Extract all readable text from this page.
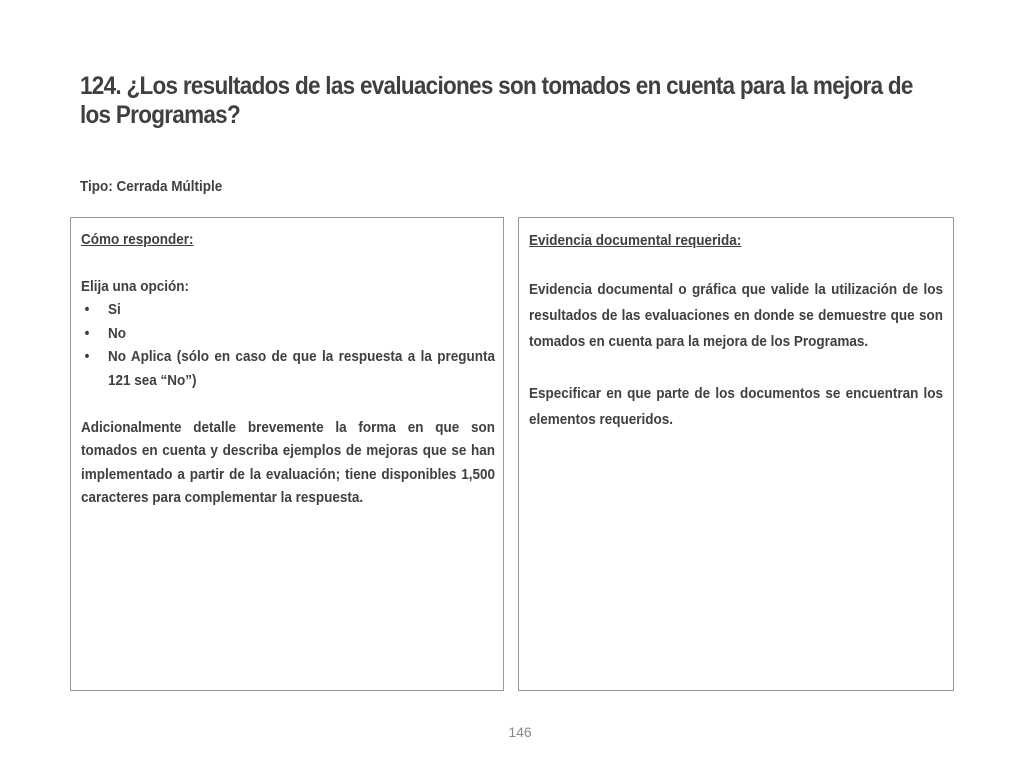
124. ¿Los resultados de las evaluaciones son tomados en cuenta para la mejora de los Programas?
Tipo: Cerrada Múltiple
Cómo responder:
Elija una opción:
• Si
• No
• No Aplica (sólo en caso de que la respuesta a la pregunta 121 sea “No”)
Adicionalmente detalle brevemente la forma en que son tomados en cuenta y describa ejemplos de mejoras que se han implementado a partir de la evaluación; tiene disponibles 1,500 caracteres para complementar la respuesta.
Evidencia documental requerida:
Evidencia documental o gráfica que valide la utilización de los resultados de las evaluaciones en donde se demuestre que son tomados en cuenta para la mejora de los Programas.
Especificar en que parte de los documentos se encuentran los elementos requeridos.
146
